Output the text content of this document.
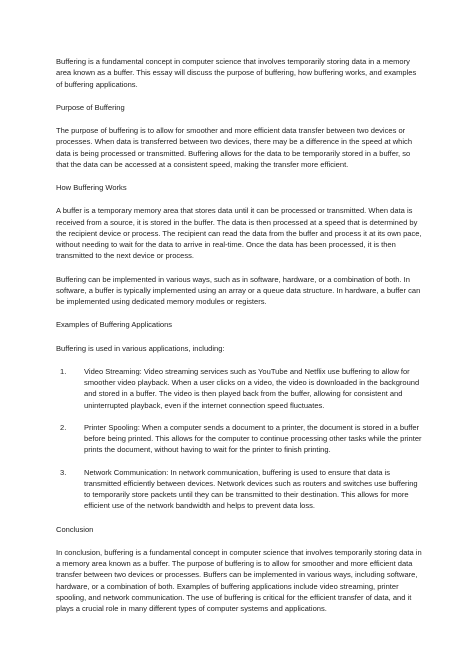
Buffering is a fundamental concept in computer science that involves temporarily storing data in a memory area known as a buffer. This essay will discuss the purpose of buffering, how buffering works, and examples of buffering applications.

Purpose of Buffering

The purpose of buffering is to allow for smoother and more efficient data transfer between two devices or processes. When data is transferred between two devices, there may be a difference in the speed at which data is being processed or transmitted. Buffering allows for the data to be temporarily stored in a buffer, so that the data can be accessed at a consistent speed, making the transfer more efficient.

How Buffering Works

A buffer is a temporary memory area that stores data until it can be processed or transmitted. When data is received from a source, it is stored in the buffer. The data is then processed at a speed that is determined by the recipient device or process. The recipient can read the data from the buffer and process it at its own pace, without needing to wait for the data to arrive in real-time. Once the data has been processed, it is then transmitted to the next device or process.

Buffering can be implemented in various ways, such as in software, hardware, or a combination of both. In software, a buffer is typically implemented using an array or a queue data structure. In hardware, a buffer can be implemented using dedicated memory modules or registers.

Examples of Buffering Applications

Buffering is used in various applications, including:

1.	Video Streaming: Video streaming services such as YouTube and Netflix use buffering to allow for smoother video playback. When a user clicks on a video, the video is downloaded in the background and stored in a buffer. The video is then played back from the buffer, allowing for consistent and uninterrupted playback, even if the internet connection speed fluctuates.
2.	Printer Spooling: When a computer sends a document to a printer, the document is stored in a buffer before being printed. This allows for the computer to continue processing other tasks while the printer prints the document, without having to wait for the printer to finish printing.
3.	Network Communication: In network communication, buffering is used to ensure that data is transmitted efficiently between devices. Network devices such as routers and switches use buffering to temporarily store packets until they can be transmitted to their destination. This allows for more efficient use of the network bandwidth and helps to prevent data loss.
Conclusion

In conclusion, buffering is a fundamental concept in computer science that involves temporarily storing data in a memory area known as a buffer. The purpose of buffering is to allow for smoother and more efficient data transfer between two devices or processes. Buffers can be implemented in various ways, including software, hardware, or a combination of both. Examples of buffering applications include video streaming, printer spooling, and network communication. The use of buffering is critical for the efficient transfer of data, and it plays a crucial role in many different types of computer systems and applications.
